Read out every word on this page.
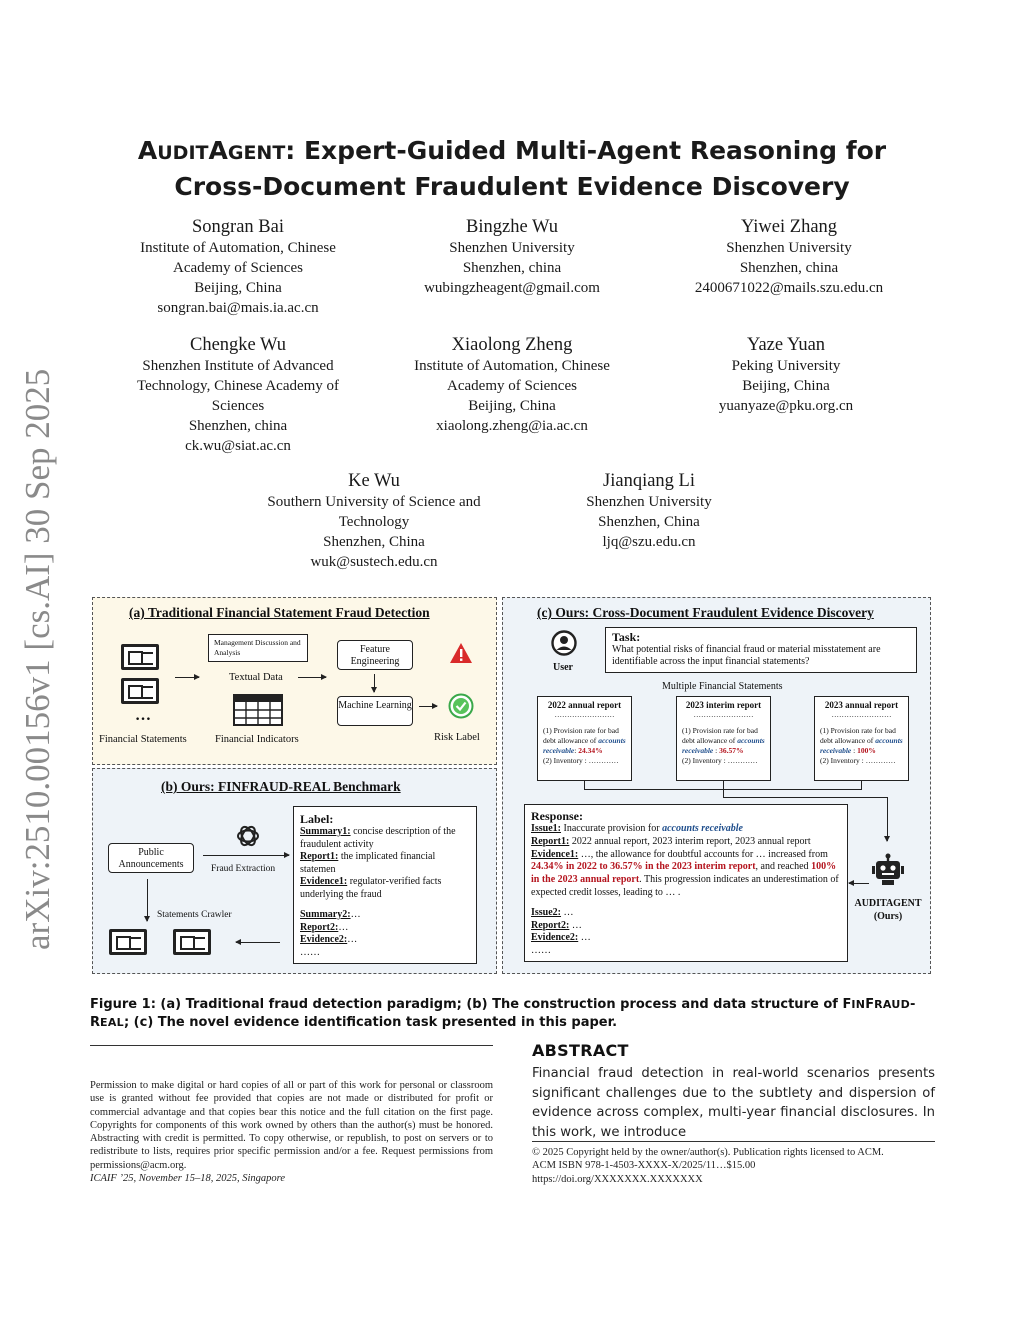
arXiv:2510.00156v1 [cs.AI] 30 Sep 2025
AUDITAGENT: Expert-Guided Multi-Agent Reasoning for
Cross-Document Fraudulent Evidence Discovery
Songran Bai
Institute of Automation, Chinese
Academy of Sciences
Beijing, China
songran.bai@mais.ia.ac.cn
Bingzhe Wu
Shenzhen University
Shenzhen, china
wubingzheagent@gmail.com
Yiwei Zhang
Shenzhen University
Shenzhen, china
2400671022@mails.szu.edu.cn
Chengke Wu
Shenzhen Institute of Advanced
Technology, Chinese Academy of
Sciences
Shenzhen, china
ck.wu@siat.ac.cn
Xiaolong Zheng
Institute of Automation, Chinese
Academy of Sciences
Beijing, China
xiaolong.zheng@ia.ac.cn
Yaze Yuan
Peking University
Beijing, China
yuanyaze@pku.org.cn
Ke Wu
Southern University of Science and
Technology
Shenzhen, China
wuk@sustech.edu.cn
Jianqiang Li
Shenzhen University
Shenzhen, China
ljq@szu.edu.cn
(a) Traditional Financial Statement Fraud Detection
…
Financial Statements
Management Discussion and Analysis
Textual Data
Financial Indicators
Feature Engineering
Machine Learning
Risk Label
(b) Ours: FINFRAUD-REAL Benchmark
Public Announcements	Fraud Extraction
Statements Crawler
Label:
Summary1: concise description of the fraudulent activity
Report1: the implicated financial statemen
Evidence1: regulator-verified facts underlying the fraud
Summary2:…
Report2:…
Evidence2:…
……
(c) Ours: Cross-Document Fraudulent Evidence Discovery
User
Task:
What potential risks of financial fraud or material misstatement are identifiable across the input financial statements?
Multiple Financial Statements
2022 annual report
……………………
(1) Provision rate for bad debt allowance of accounts receivable: 24.34%
(2) Inventory : …………
2023 interim report
……………………
(1) Provision rate for bad debt allowance of accounts receivable : 36.57%
(2) Inventory : …………
2023 annual report
……………………
(1) Provision rate for bad debt allowance of accounts receivable : 100%
(2) Inventory : …………
AUDITAGENT
(Ours)
Response:
Issue1: Inaccurate provision for accounts receivable
Report1: 2022 annual report, 2023 interim report, 2023 annual report
Evidence1: …, the allowance for doubtful accounts for … increased from 24.34% in 2022 to 36.57% in the 2023 interim report, and reached 100% in the 2023 annual report. This progression indicates an underestimation of expected credit losses, leading to … .
Issue2: …
Report2: …
Evidence2: …
……
Figure 1: (a) Traditional fraud detection paradigm; (b) The construction process and data structure of FINFRAUD-REAL; (c) The novel evidence identification task presented in this paper.
Permission to make digital or hard copies of all or part of this work for personal or classroom use is granted without fee provided that copies are not made or distributed for profit or commercial advantage and that copies bear this notice and the full citation on the first page. Copyrights for components of this work owned by others than the author(s) must be honored. Abstracting with credit is permitted. To copy otherwise, or republish, to post on servers or to redistribute to lists, requires prior specific permission and/or a fee. Request permissions from permissions@acm.org.
ICAIF ’25, November 15–18, 2025, Singapore
ABSTRACT
Financial fraud detection in real-world scenarios presents significant challenges due to the subtlety and dispersion of evidence across complex, multi-year financial disclosures. In this work, we introduce
© 2025 Copyright held by the owner/author(s). Publication rights licensed to ACM.
ACM ISBN 978-1-4503-XXXX-X/2025/11…$15.00
https://doi.org/XXXXXXX.XXXXXXX
